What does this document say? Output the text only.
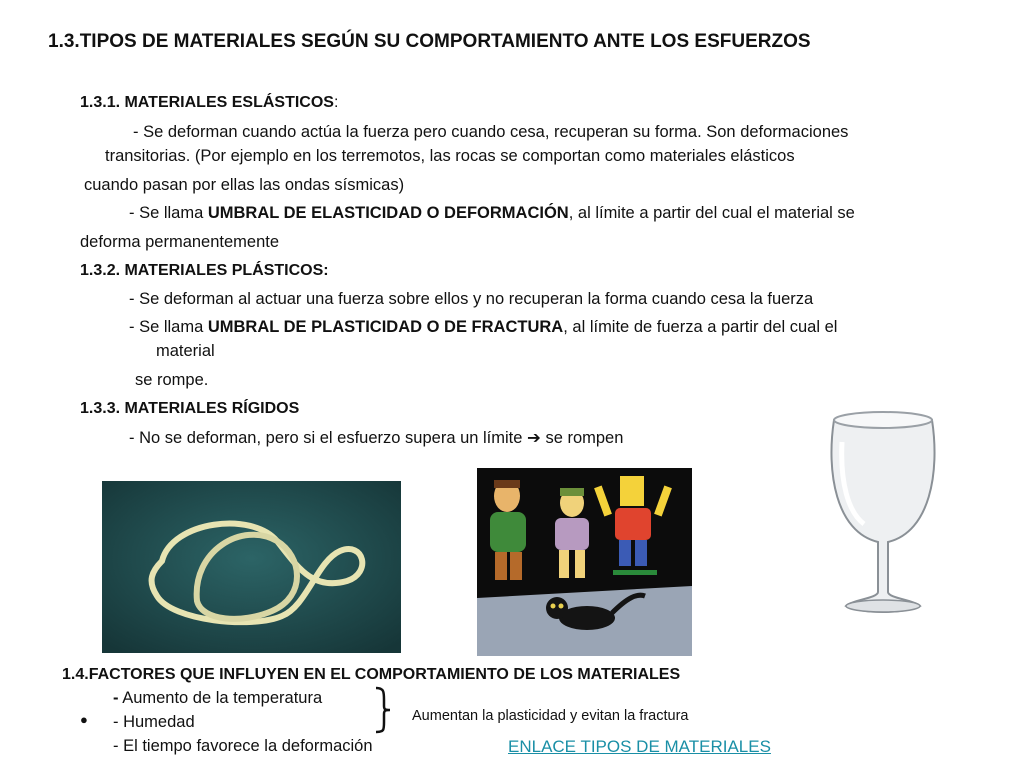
1.3.TIPOS DE MATERIALES SEGÚN SU COMPORTAMIENTO ANTE LOS ESFUERZOS
1.3.1. MATERIALES ESLÁSTICOS:
- Se deforman cuando actúa la fuerza pero cuando cesa, recuperan su forma. Son deformaciones
transitorias. (Por ejemplo en los terremotos, las rocas se comportan como materiales elásticos
cuando pasan por ellas las ondas sísmicas)
- Se llama UMBRAL DE ELASTICIDAD O DEFORMACIÓN, al límite a partir del cual el material se
deforma permanentemente
1.3.2. MATERIALES PLÁSTICOS:
- Se deforman al actuar una fuerza sobre ellos y no recuperan la forma cuando cesa la fuerza
- Se llama UMBRAL DE PLASTICIDAD O DE FRACTURA, al límite de fuerza a partir del cual el
material
se rompe.
1.3.3. MATERIALES RÍGIDOS
- No se deforman, pero si el esfuerzo supera un límite ➔ se rompen
1.4.FACTORES QUE INFLUYEN EN EL COMPORTAMIENTO DE LOS MATERIALES
- Aumento de la temperatura
● - Humedad
- El tiempo favorece la deformación
Aumentan la plasticidad y evitan la fractura
ENLACE TIPOS DE MATERIALES
